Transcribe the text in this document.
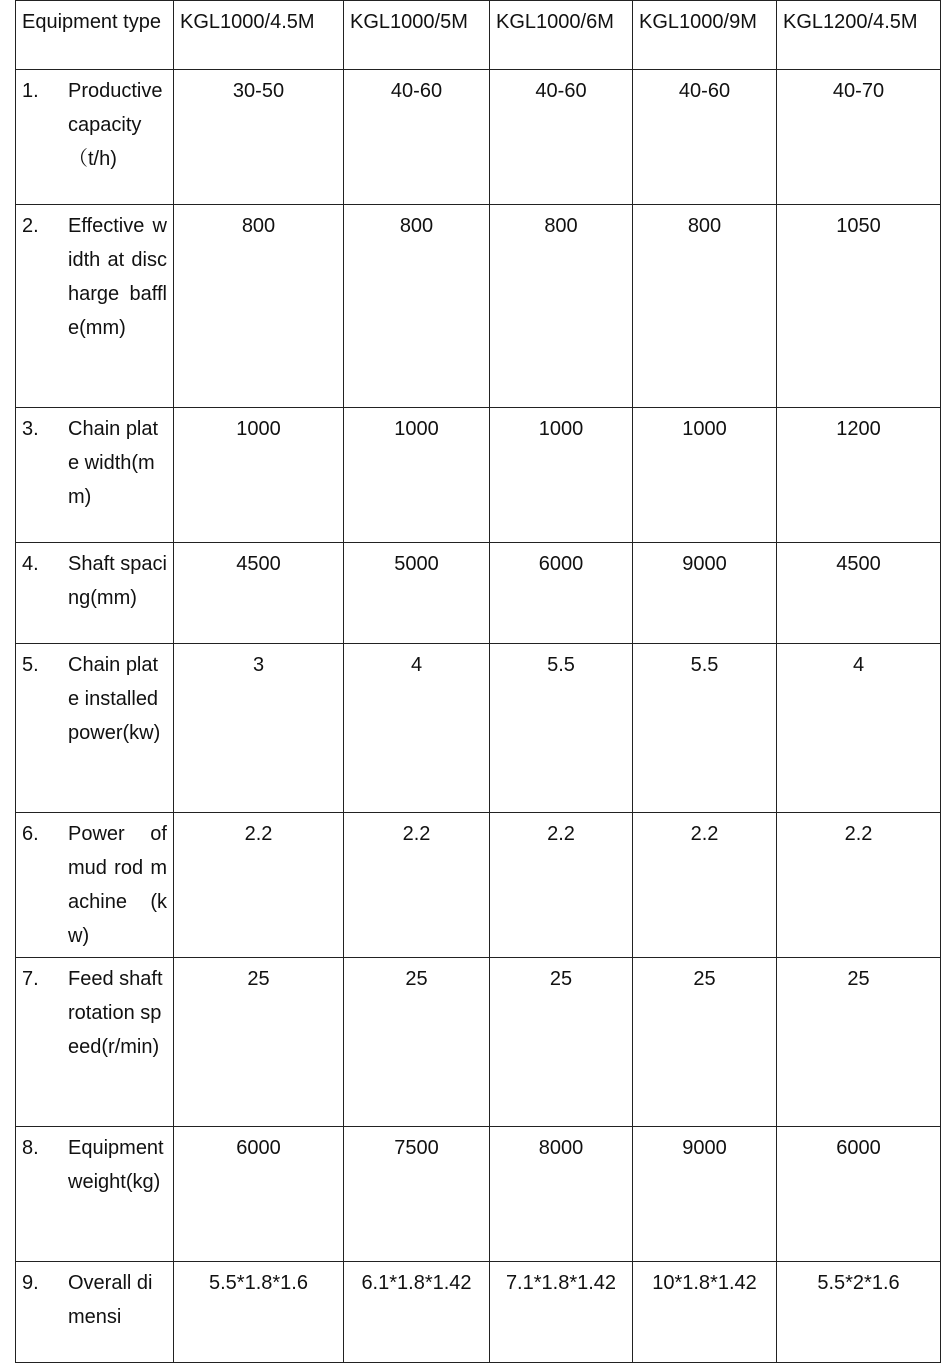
Equipment type	KGL1000/4.5M	KGL1000/5M	KGL1000/6M	KGL1000/9M	KGL1200/4.5M

1. Productive capacity（t/h)	30-50	40-60	40-60	40-60	40-70

2. Effective width at discharge baffle(mm)	800	800	800	800	1050

3. Chain plate width(mm)	1000	1000	1000	1000	1200

4. Shaft spacing(mm)	4500	5000	6000	9000	4500

5. Chain plate installed power(kw)	3	4	5.5	5.5	4

6. Power of mud rod machine (kw)	2.2	2.2	2.2	2.2	2.2

7. Feed shaft rotation speed(r/min)	25	25	25	25	25

8. Equipment weight(kg)	6000	7500	8000	9000	6000

9. Overall dimensi	5.5*1.8*1.6	6.1*1.8*1.42	7.1*1.8*1.42	10*1.8*1.42	5.5*2*1.6
